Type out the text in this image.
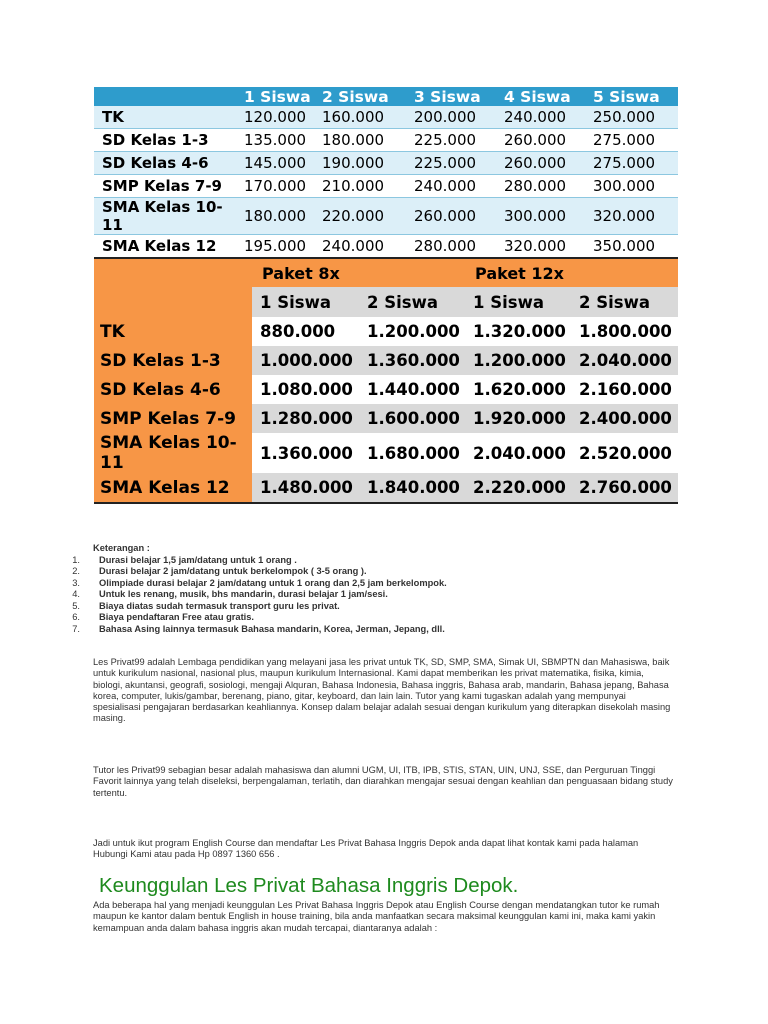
	1 Siswa	2 Siswa	3 Siswa	4 Siswa	5 Siswa
TK	120.000	160.000	200.000	240.000	250.000
SD Kelas 1-3	135.000	180.000	225.000	260.000	275.000
SD Kelas 4-6	145.000	190.000	225.000	260.000	275.000
SMP Kelas 7-9	170.000	210.000	240.000	280.000	300.000
SMA Kelas 10-11	180.000	220.000	260.000	300.000	320.000
SMA Kelas 12	195.000	240.000	280.000	320.000	350.000
	Paket 8x		Paket 12x	
	1 Siswa	2 Siswa	1 Siswa	2 Siswa
TK	880.000	1.200.000	1.320.000	1.800.000
SD Kelas 1-3	1.000.000	1.360.000	1.200.000	2.040.000
SD Kelas 4-6	1.080.000	1.440.000	1.620.000	2.160.000
SMP Kelas 7-9	1.280.000	1.600.000	1.920.000	2.400.000
SMA Kelas 10-11	1.360.000	1.680.000	2.040.000	2.520.000
SMA Kelas 12	1.480.000	1.840.000	2.220.000	2.760.000
Keterangan :
1. Durasi belajar 1,5 jam/datang untuk 1 orang .
2. Durasi belajar 2 jam/datang untuk berkelompok ( 3-5 orang ).
3. Olimpiade durasi belajar 2 jam/datang untuk 1 orang dan 2,5 jam berkelompok.
4. Untuk les renang, musik, bhs mandarin, durasi belajar 1 jam/sesi.
5. Biaya diatas sudah termasuk transport guru les privat.
6. Biaya pendaftaran Free atau gratis.
7. Bahasa Asing lainnya termasuk Bahasa mandarin, Korea, Jerman, Jepang, dll.

Les Privat99 adalah Lembaga pendidikan yang melayani jasa les privat untuk TK, SD, SMP, SMA, Simak UI, SBMPTN dan Mahasiswa, baik untuk kurikulum nasional, nasional plus, maupun kurikulum Internasional. Kami dapat memberikan les privat matematika, fisika, kimia, biologi, akuntansi, geografi, sosiologi, mengaji Alquran, Bahasa Indonesia, Bahasa inggris, Bahasa arab, mandarin, Bahasa jepang, Bahasa korea, computer, lukis/gambar, berenang, piano, gitar, keyboard, dan lain lain. Tutor yang kami tugaskan adalah yang mempunyai spesialisasi pengajaran berdasarkan keahliannya. Konsep dalam belajar adalah sesuai dengan kurikulum yang diterapkan disekolah masing masing.

Tutor les Privat99 sebagian besar adalah mahasiswa dan alumni UGM, UI, ITB, IPB, STIS, STAN, UIN, UNJ, SSE, dan Perguruan Tinggi Favorit lainnya yang telah diseleksi, berpengalaman, terlatih, dan diarahkan mengajar sesuai dengan keahlian dan penguasaan bidang study tertentu.

Jadi untuk ikut program English Course dan mendaftar Les Privat Bahasa Inggris Depok anda dapat lihat kontak kami pada halaman Hubungi Kami atau pada Hp 0897 1360 656 .

Keunggulan Les Privat Bahasa Inggris Depok.

Ada beberapa hal yang menjadi keunggulan Les Privat Bahasa Inggris Depok atau English Course dengan mendatangkan tutor ke rumah maupun ke kantor dalam bentuk English in house training, bila anda manfaatkan secara maksimal keunggulan kami ini, maka kami yakin kemampuan anda dalam bahasa inggris akan mudah tercapai, diantaranya adalah :
